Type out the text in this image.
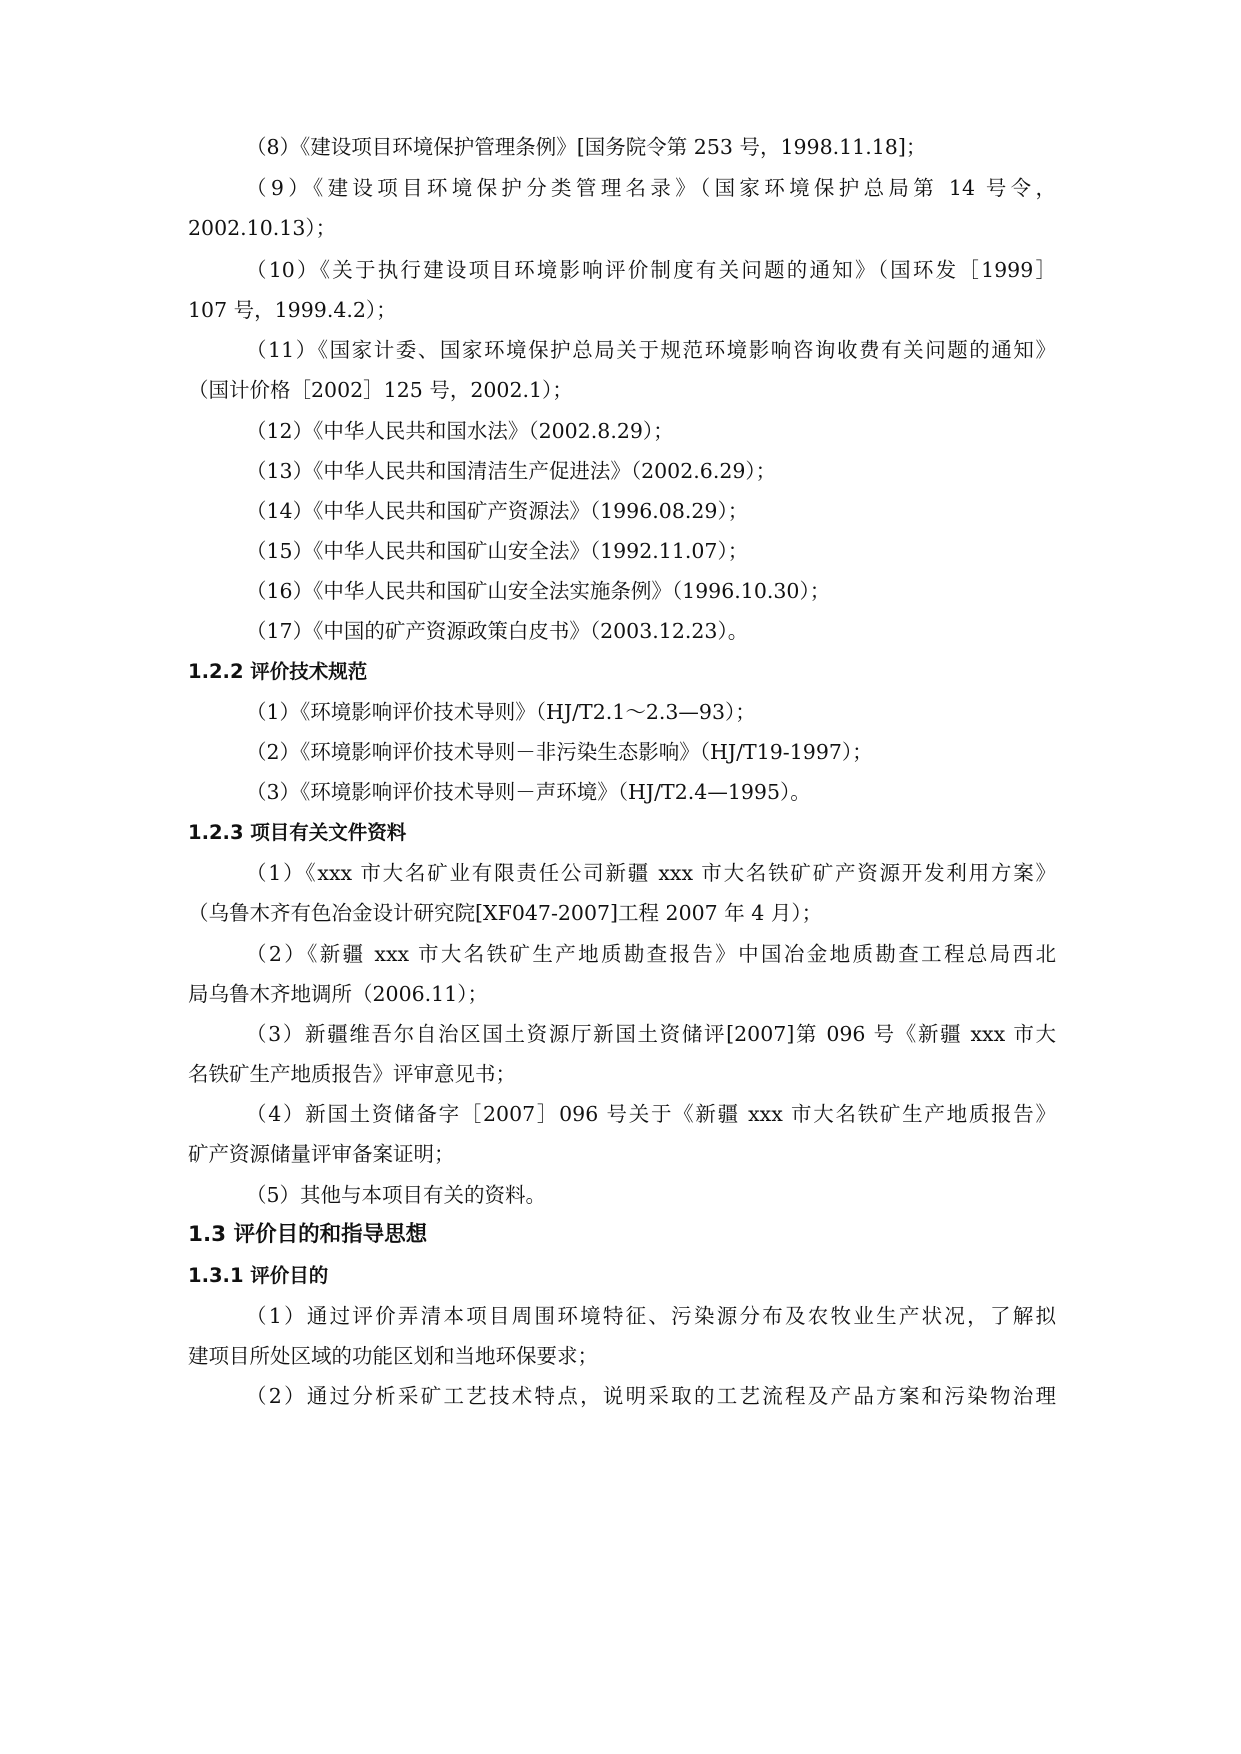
（8）《建设项目环境保护管理条例》[国务院令第 253 号，1998.11.18]；
（9）《建设项目环境保护分类管理名录》（国家环境保护总局第 14 号令，
2002.10.13）；
（10）《关于执行建设项目环境影响评价制度有关问题的通知》（国环发［1999］
107 号，1999.4.2）；
（11）《国家计委、国家环境保护总局关于规范环境影响咨询收费有关问题的通知》
（国计价格［2002］125 号，2002.1）；
（12）《中华人民共和国水法》（2002.8.29）；
（13）《中华人民共和国清洁生产促进法》（2002.6.29）；
（14）《中华人民共和国矿产资源法》（1996.08.29）；
（15）《中华人民共和国矿山安全法》（1992.11.07）；
（16）《中华人民共和国矿山安全法实施条例》（1996.10.30）；
（17）《中国的矿产资源政策白皮书》（2003.12.23）。
1.2.2 评价技术规范
（1）《环境影响评价技术导则》（HJ/T2.1～2.3—93）；
（2）《环境影响评价技术导则－非污染生态影响》（HJ/T19-1997）；
（3）《环境影响评价技术导则－声环境》（HJ/T2.4—1995）。
1.2.3 项目有关文件资料
（1）《xxx 市大名矿业有限责任公司新疆 xxx 市大名铁矿矿产资源开发利用方案》
（乌鲁木齐有色冶金设计研究院[XF047-2007]工程 2007 年 4 月）；
（2）《新疆 xxx 市大名铁矿生产地质勘查报告》中国冶金地质勘查工程总局西北
局乌鲁木齐地调所（2006.11）；
（3）新疆维吾尔自治区国土资源厅新国土资储评[2007]第 096 号《新疆 xxx 市大
名铁矿生产地质报告》评审意见书；
（4）新国土资储备字［2007］096 号关于《新疆 xxx 市大名铁矿生产地质报告》
矿产资源储量评审备案证明；
（5）其他与本项目有关的资料。
1.3 评价目的和指导思想
1.3.1 评价目的
（1）通过评价弄清本项目周围环境特征、污染源分布及农牧业生产状况，了解拟
建项目所处区域的功能区划和当地环保要求；
（2）通过分析采矿工艺技术特点，说明采取的工艺流程及产品方案和污染物治理
